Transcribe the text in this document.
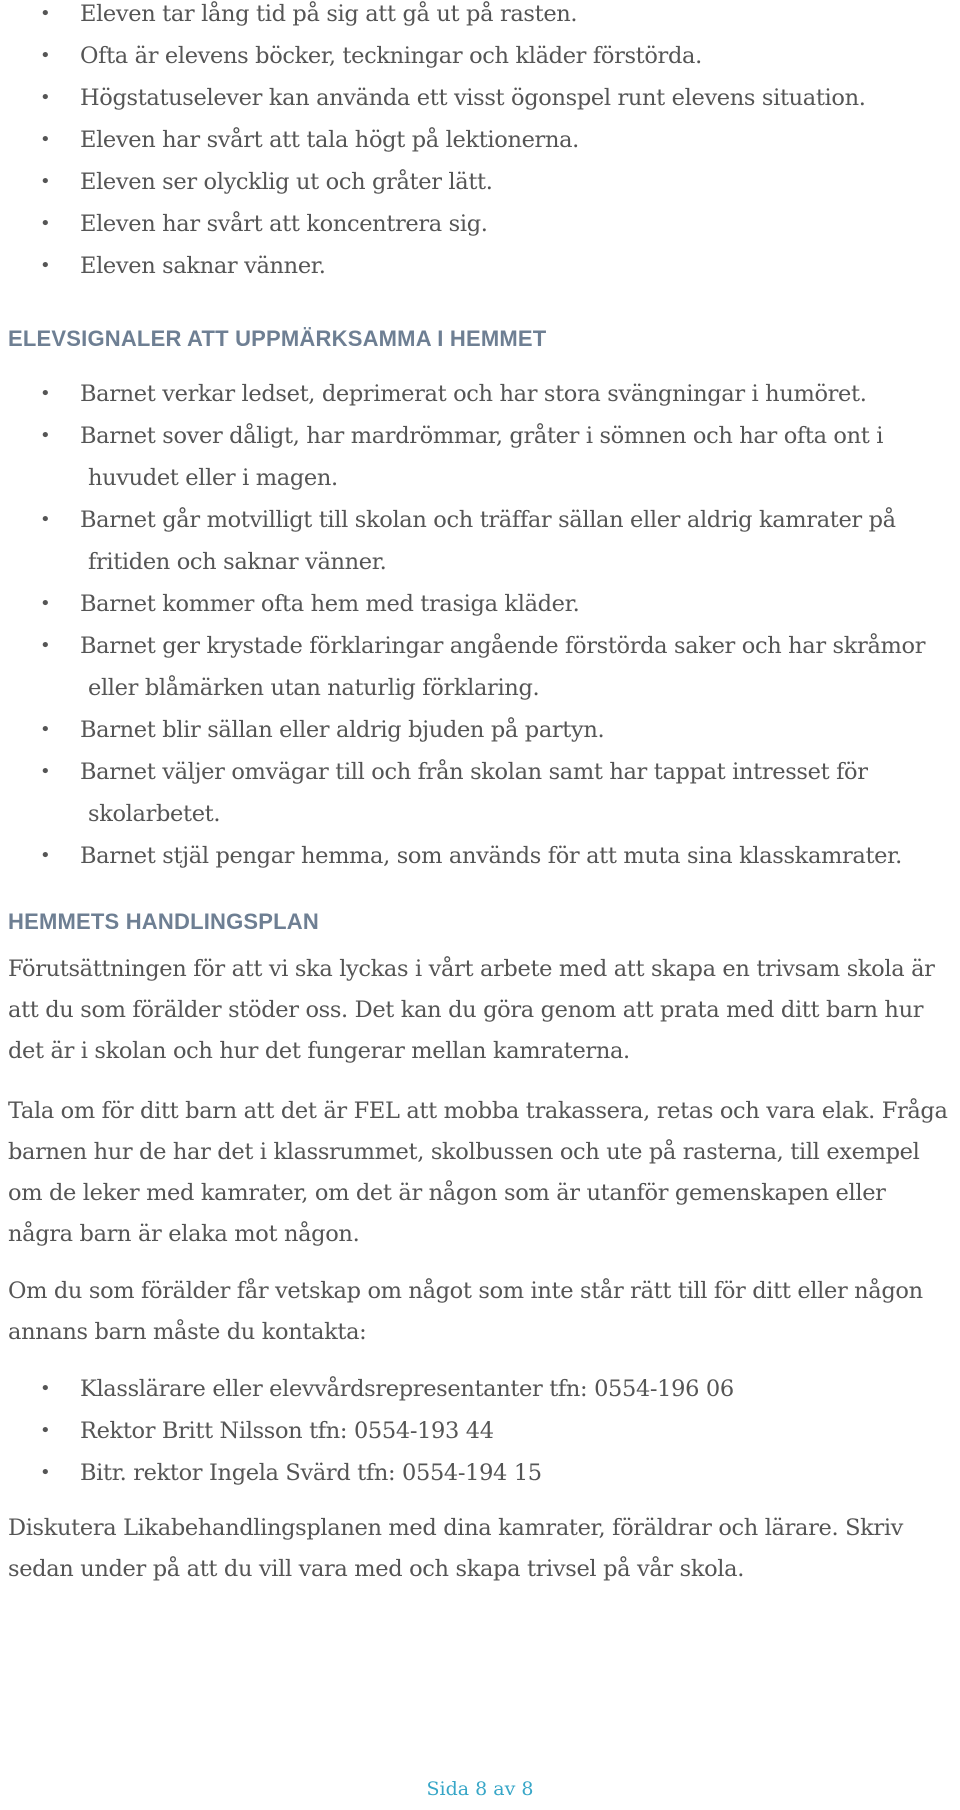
• Eleven tar lång tid på sig att gå ut på rasten.
• Ofta är elevens böcker, teckningar och kläder förstörda.
• Högstatuselever kan använda ett visst ögonspel runt elevens situation.
• Eleven har svårt att tala högt på lektionerna.
• Eleven ser olycklig ut och gråter lätt.
• Eleven har svårt att koncentrera sig.
• Eleven saknar vänner.
ELEVSIGNALER ATT UPPMÄRKSAMMA I HEMMET
• Barnet verkar ledset, deprimerat och har stora svängningar i humöret.
• Barnet sover dåligt, har mardrömmar, gråter i sömnen och har ofta ont i
huvudet eller i magen.
• Barnet går motvilligt till skolan och träffar sällan eller aldrig kamrater på
fritiden och saknar vänner.
• Barnet kommer ofta hem med trasiga kläder.
• Barnet ger krystade förklaringar angående förstörda saker och har skråmor
eller blåmärken utan naturlig förklaring.
• Barnet blir sällan eller aldrig bjuden på partyn.
• Barnet väljer omvägar till och från skolan samt har tappat intresset för
skolarbetet.
• Barnet stjäl pengar hemma, som används för att muta sina klasskamrater.
HEMMETS HANDLINGSPLAN

Förutsättningen för att vi ska lyckas i vårt arbete med att skapa en trivsam skola är att du som förälder stöder oss. Det kan du göra genom att prata med ditt barn hur det är i skolan och hur det fungerar mellan kamraterna.

Tala om för ditt barn att det är FEL att mobba trakassera, retas och vara elak. Fråga barnen hur de har det i klassrummet, skolbussen och ute på rasterna, till exempel om de leker med kamrater, om det är någon som är utanför gemenskapen eller några barn är elaka mot någon.

Om du som förälder får vetskap om något som inte står rätt till för ditt eller någon annans barn måste du kontakta:

• Klasslärare eller elevvårdsrepresentanter tfn: 0554-196 06
• Rektor Britt Nilsson tfn: 0554-193 44
• Bitr. rektor Ingela Svärd tfn: 0554-194 15

Diskutera Likabehandlingsplanen med dina kamrater, föräldrar och lärare. Skriv sedan under på att du vill vara med och skapa trivsel på vår skola.

Sida 8 av 8
